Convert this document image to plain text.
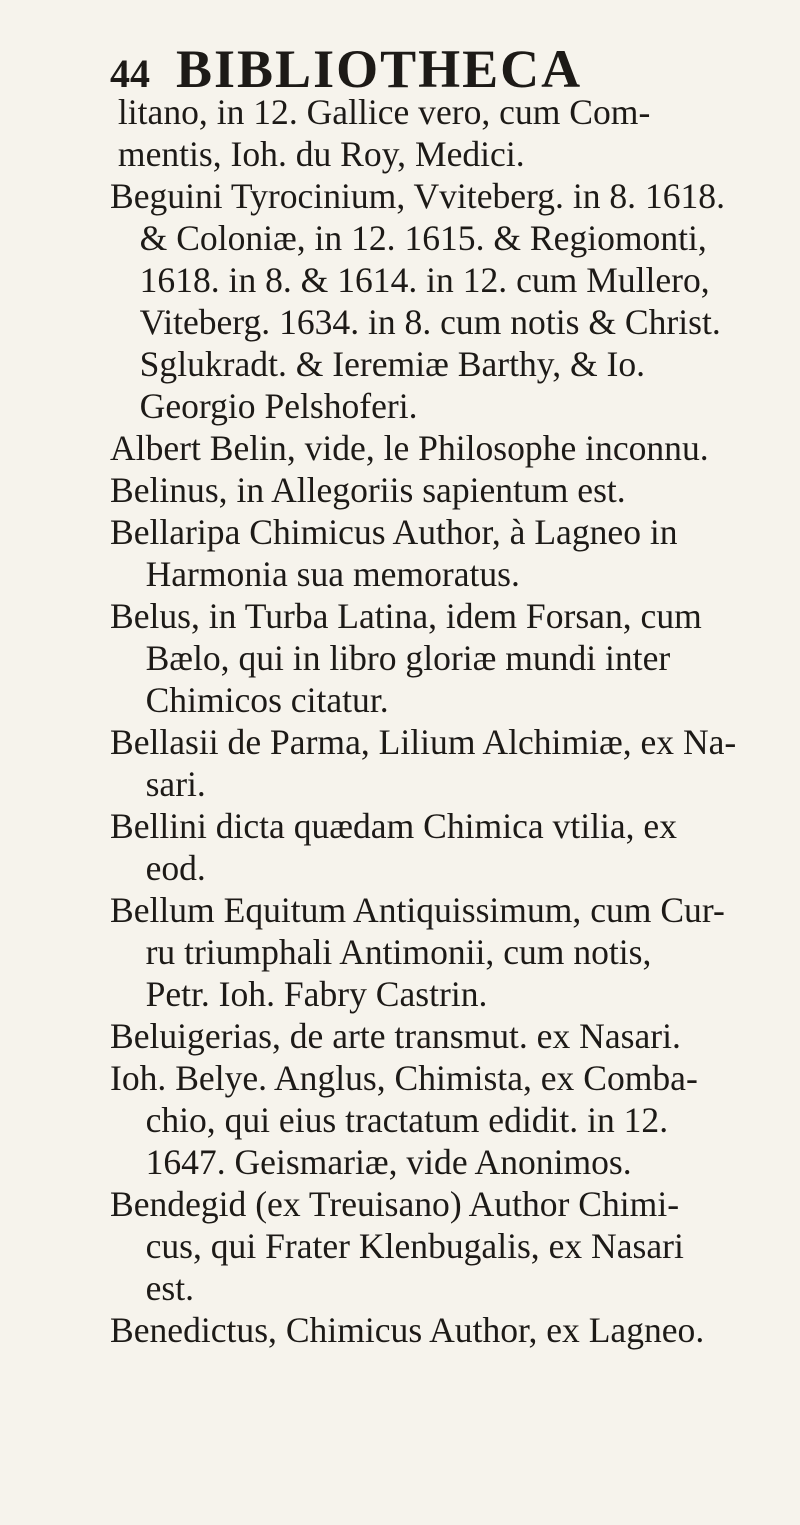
44 BIBLIOTHECA
litano, in 12. Gallice vero, cum Com-
mentis, Ioh. du Roy, Medici.
Beguini Tyrocinium, Vviteberg. in 8. 1618.
& Coloniæ, in 12. 1615. & Regiomonti,
1618. in 8. & 1614. in 12. cum Mullero,
Viteberg. 1634. in 8. cum notis & Christ.
Sglukradt. & Ieremiæ Barthy, & Io.
Georgio Pelshoferi.
Albert Belin, vide, le Philosophe inconnu.
Belinus, in Allegoriis sapientum est.
Bellaripa Chimicus Author, à Lagneo in
Harmonia sua memoratus.
Belus, in Turba Latina, idem Forsan, cum
Bælo, qui in libro gloriæ mundi inter
Chimicos citatur.
Bellasii de Parma, Lilium Alchimiæ, ex Na-
sari.
Bellini dicta quædam Chimica vtilia, ex
eod.
Bellum Equitum Antiquissimum, cum Cur-
ru triumphali Antimonii, cum notis,
Petr. Ioh. Fabry Castrin.
Beluigerias, de arte transmut. ex Nasari.
Ioh. Belye. Anglus, Chimista, ex Comba-
chio, qui eius tractatum edidit. in 12.
1647. Geismariæ, vide Anonimos.
Bendegid (ex Treuisano) Author Chimi-
cus, qui Frater Klenbugalis, ex Nasari
est.
Benedictus, Chimicus Author, ex Lagneo.
